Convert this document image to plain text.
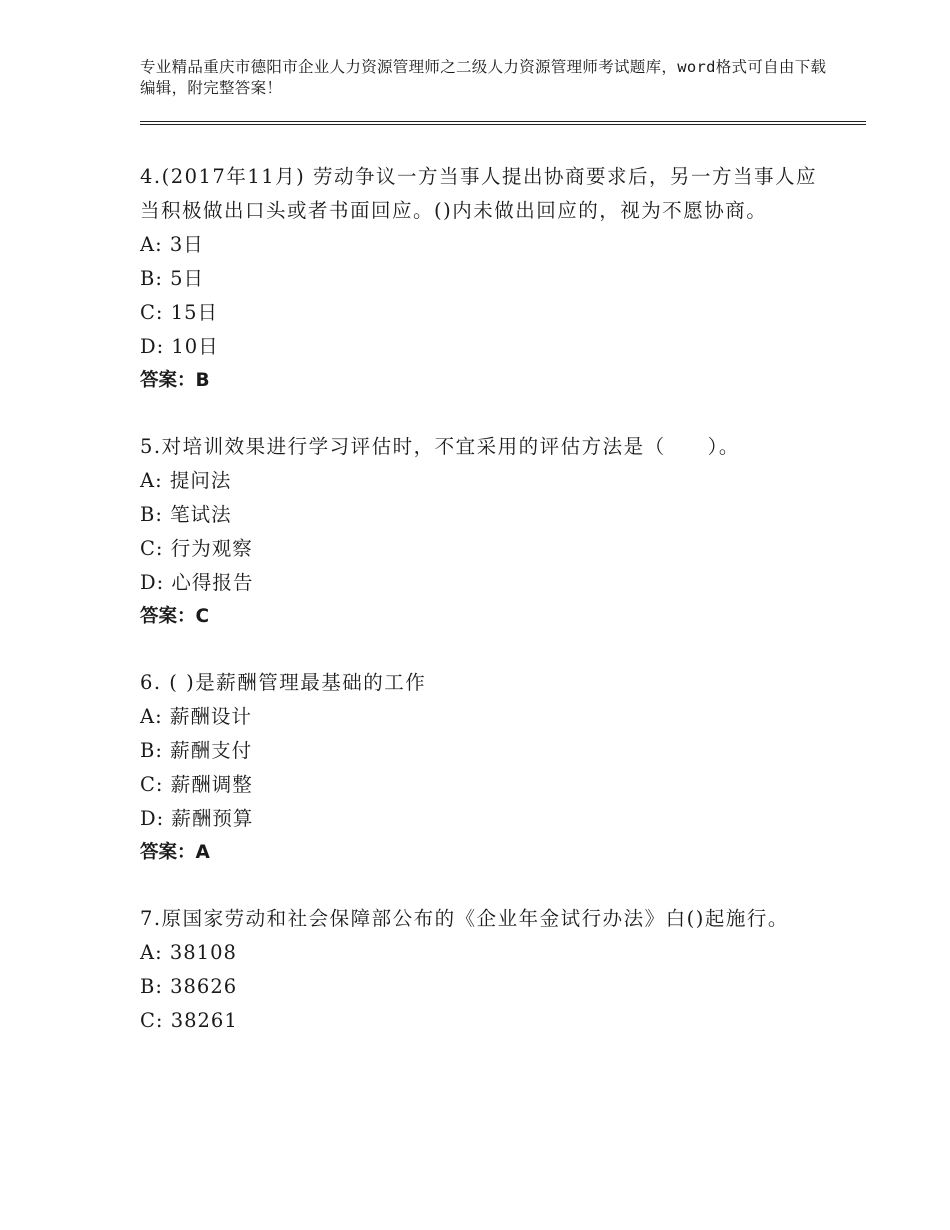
专业精品重庆市德阳市企业人力资源管理师之二级人力资源管理师考试题库，word格式可自由下载编辑，附完整答案！
4.(2017年11月) 劳动争议一方当事人提出协商要求后，另一方当事人应当积极做出口头或者书面回应。()内未做出回应的，视为不愿协商。
A: 3日
B: 5日
C: 15日
D: 10日
答案：B
5.对培训效果进行学习评估时，不宜采用的评估方法是（　　）。
A: 提问法
B: 笔试法
C: 行为观察
D: 心得报告
答案：C
6. ( )是薪酬管理最基础的工作
A: 薪酬设计
B: 薪酬支付
C: 薪酬调整
D: 薪酬预算
答案：A
7.原国家劳动和社会保障部公布的《企业年金试行办法》白()起施行。
A: 38108
B: 38626
C: 38261
